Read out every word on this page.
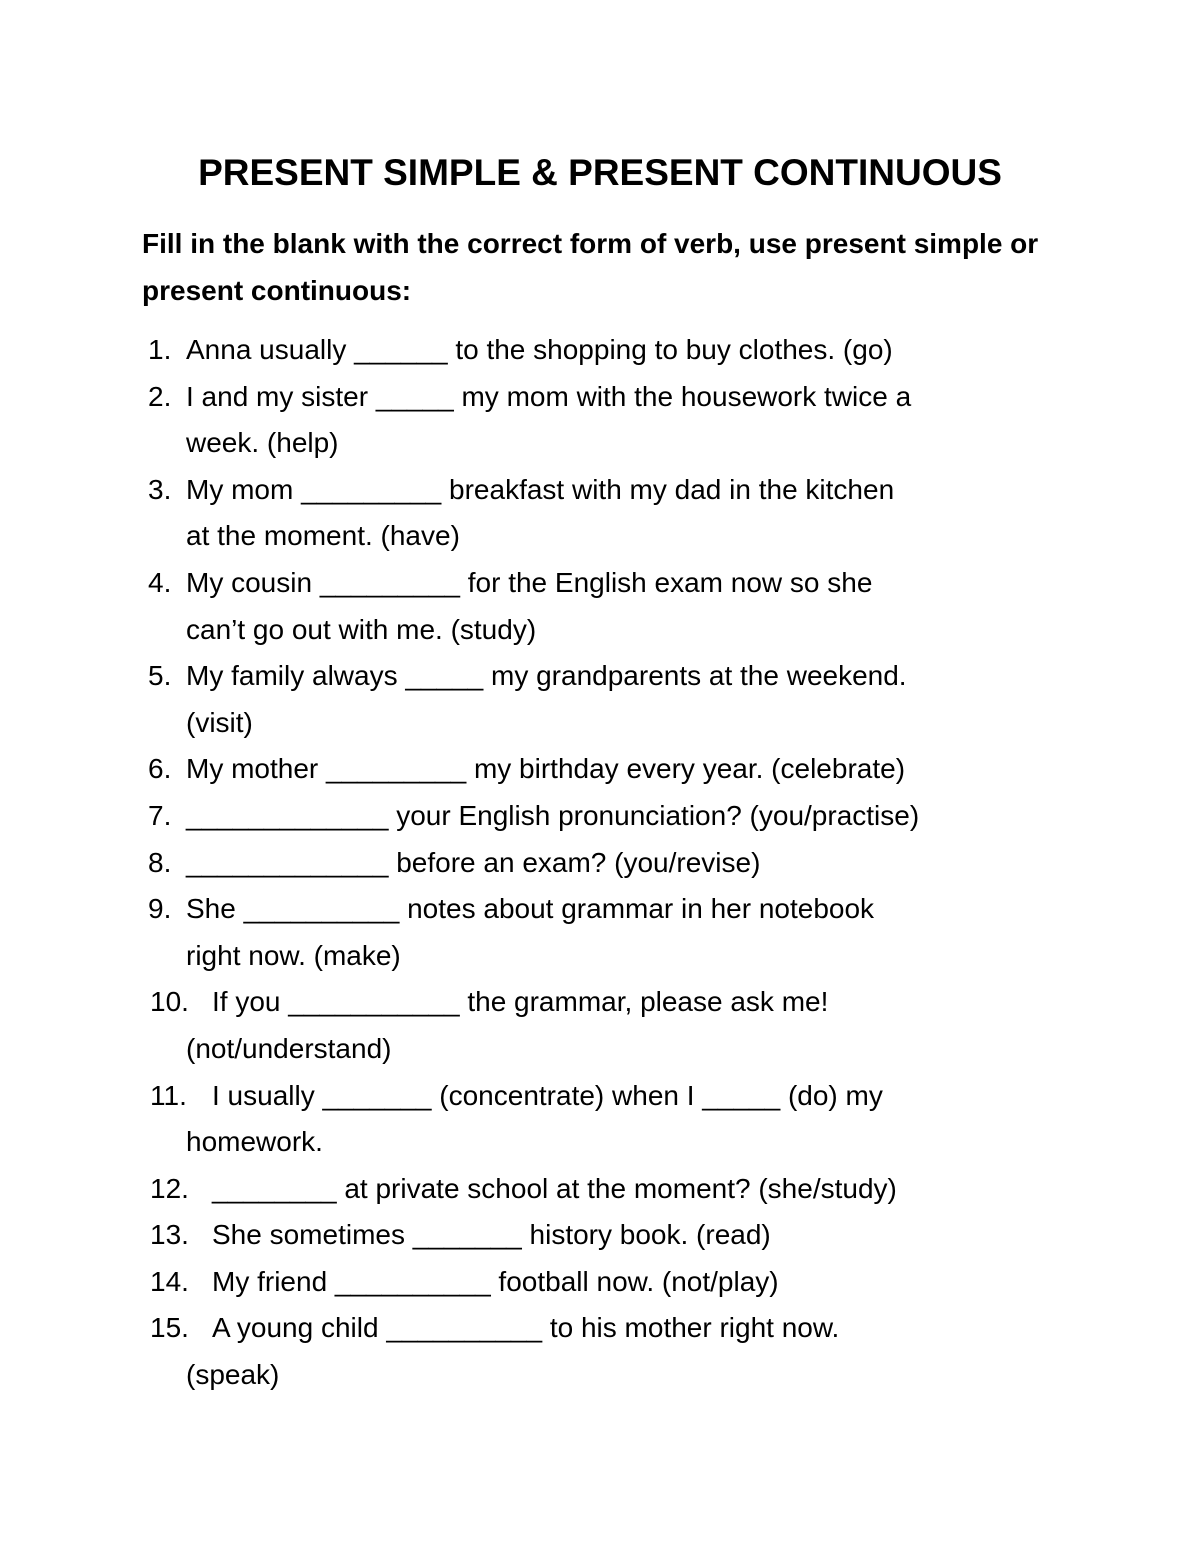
PRESENT SIMPLE & PRESENT CONTINUOUS
Fill in the blank with the correct form of verb, use present simple or present continuous:
1. Anna usually ______ to the shopping to buy clothes. (go)
2. I and my sister _____ my mom with the housework twice a
week. (help)
3. My mom _________ breakfast with my dad in the kitchen
at the moment. (have)
4. My cousin _________ for the English exam now so she
can’t go out with me. (study)
5. My family always _____ my grandparents at the weekend.
(visit)
6. My mother _________ my birthday every year. (celebrate)
7. _____________ your English pronunciation? (you/practise)
8. _____________ before an exam? (you/revise)
9. She __________ notes about grammar in her notebook
right now. (make)
10. If you ___________ the grammar, please ask me!
(not/understand)
11. I usually _______ (concentrate) when I _____ (do) my
homework.
12. ________ at private school at the moment? (she/study)
13. She sometimes _______ history book. (read)
14. My friend __________ football now. (not/play)
15. A young child __________ to his mother right now.
(speak)
